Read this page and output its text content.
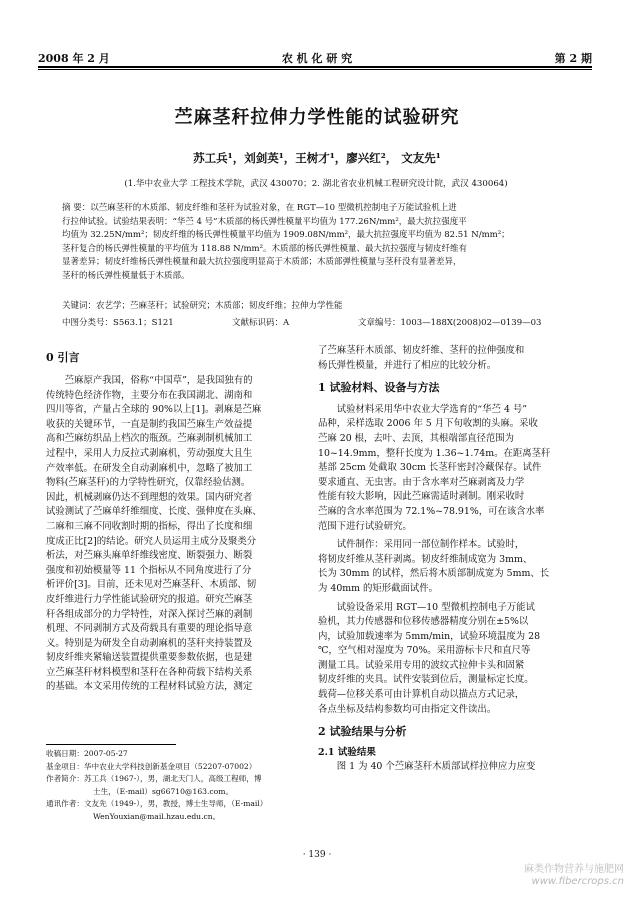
2008 年 2 月	农 机 化 研 究	第 2 期
苎麻茎秆拉伸力学性能的试验研究
苏工兵¹，刘剑英¹，王树才¹，廖兴红²， 文友先¹
(1.华中农业大学 工程技术学院，武汉 430070；2. 湖北省农业机械工程研究设计院，武汉 430064)
摘 要：以苎麻茎秆的木质部、韧皮纤维和茎秆为试验对象，在 RGT—10 型微机控制电子万能试验机上进
行拉伸试验。试验结果表明：“华苎 4 号”木质部的杨氏弹性模量平均值为 177.26N/mm²，最大抗拉强度平
均值为 32.25N/mm²；韧皮纤维的杨氏弹性模量平均值为 1909.08N/mm²，最大抗拉强度平均值为 82.51 N/mm²；
茎秆复合的杨氏弹性模量的平均值为 118.88 N/mm²。木质部的杨氏弹性模量、最大抗拉强度与韧皮纤维有
显著差异；韧皮纤维杨氏弹性模量和最大抗拉强度明显高于木质部；木质部弹性模量与茎秆没有显著差异，
茎秆的杨氏弹性模量低于木质部。
关键词：农艺学；苎麻茎秆；试验研究；木质部；韧皮纤维；拉伸力学性能
中图分类号：S563.1；S121	文献标识码：A	文章编号：1003—188X(2008)02—0139—03
0 引言
苎麻原产我国，俗称“中国草”，是我国独有的
传统特色经济作物，主要分布在我国湖北、湖南和
四川等省，产量占全球的 90%以上[1]。剥麻是苎麻
收获的关键环节，一直是制约我国苎麻生产效益提
高和苎麻纺织品上档次的瓶颈。苎麻剥制机械加工
过程中，采用人力反拉式剥麻机，劳动强度大且生
产效率低。在研发全自动剥麻机中，忽略了被加工
物料(苎麻茎秆)的力学特性研究，仅靠经验估测。
因此，机械剥麻仍达不到理想的效果。国内研究者
试验测试了苎麻单纤维细度、长度、强伸度在头麻、
二麻和三麻不同收割时期的指标，得出了长度和细
度成正比[2]的结论。研究人员运用主成分及聚类分
析法，对苎麻头麻单纤维线密度、断裂强力、断裂
强度和初始模量等 11 个指标从不同角度进行了分
析评价[3]。目前，还未见对苎麻茎秆、木质部、韧
皮纤维进行力学性能试验研究的报道。研究苎麻茎
秆各组成部分的力学特性，对深入探讨苎麻的剥制
机理、不同剥制方式及荷载具有重要的理论指导意
义。特别是为研发全自动剥麻机的茎秆夹持装置及
韧皮纤维夹紧输送装置提供重要参数依据，也是建
立苎麻茎秆材料模型和茎秆在各种荷载下结构关系
的基础。本文采用传统的工程材料试验方法，测定
收稿日期：2007-05-27
基金项目：华中农业大学科技创新基金项目（52207-07002）
作者简介：苏工兵（1967-），男，湖北天门人，高级工程师，博
士生，（E-mail）sg66710@163.com。
通讯作者：文友先（1949-），男，教授，博士生导师，（E-mail）
WenYouxian@mail.hzau.edu.cn。
了苎麻茎秆木质部、韧皮纤维、茎秆的拉伸强度和
杨氏弹性模量，并进行了相应的比较分析。
1 试验材料、设备与方法
试验材料采用华中农业大学选育的“华苎 4 号”
品种，采样选取 2006 年 5 月下旬收割的头麻。采收
苎麻 20 根，去叶、去顶，其根端部直径范围为
10~14.9mm，整秆长度为 1.36~1.74m。在距离茎秆
基部 25cm 处截取 30cm 长茎秆密封冷藏保存。试件
要求通直、无虫害。由于含水率对苎麻剥离及力学
性能有较大影响，因此苎麻需适时剥制。刚采收时
苎麻的含水率范围为 72.1%~78.91%，可在该含水率
范围下进行试验研究。
试件制作：采用同一部位制作样本。试验时，
将韧皮纤维从茎秆剥离。韧皮纤维制成宽为 3mm、
长为 30mm 的试样，然后将木质部制成宽为 5mm、长
为 40mm 的矩形截面试件。
试验设备采用 RGT—10 型微机控制电子万能试
验机，其力传感器和位移传感器精度分别在±5%以
内，试验加载速率为 5mm/min，试验环境温度为 28
℃，空气相对湿度为 70%。采用游标卡尺和直尺等
测量工具。试验采用专用的波纹式拉伸卡头和固紧
韧皮纤维的夹具。试件安装到位后，测量标定长度。
载荷—位移关系可由计算机自动以描点方式记录，
各点坐标及结构参数均可由指定文件读出。
2 试验结果与分析
2.1 试验结果
图 1 为 40 个苎麻茎秆木质部试样拉伸应力应变
· 139 ·
麻类作物营养与施肥网
www.fibercrops.cn
